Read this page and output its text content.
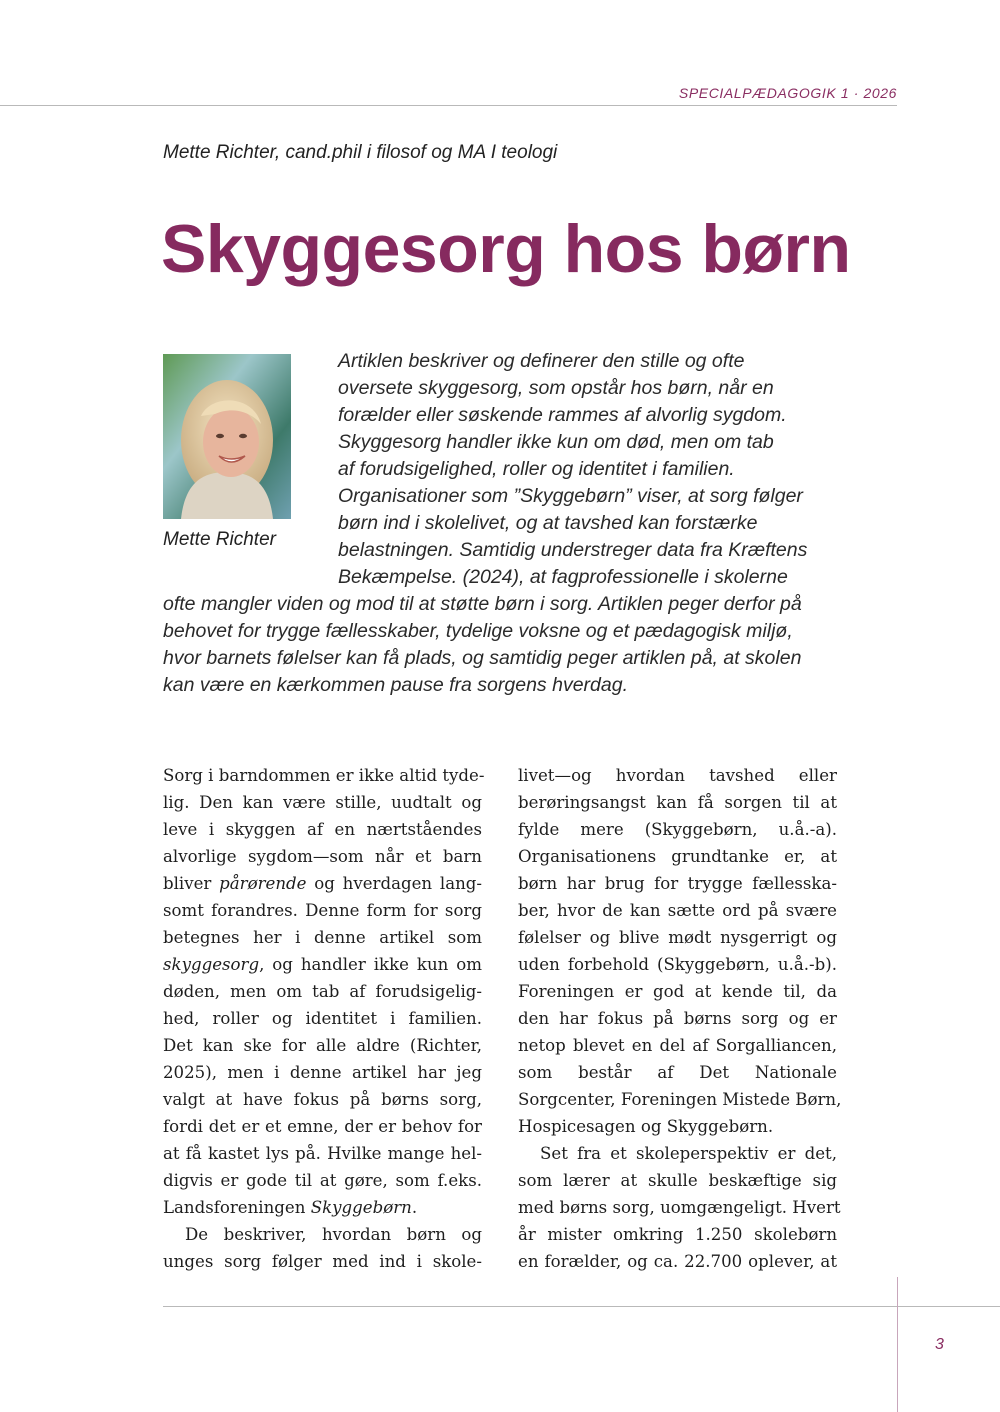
SPECIALPÆDAGOGIK 1 · 2026
Mette Richter, cand.phil i filosof og MA I teologi
Skyggesorg hos børn
Mette Richter
Artiklen beskriver og definerer den stille og ofte
oversete skyggesorg, som opstår hos børn, når en
forælder eller søskende rammes af alvorlig sygdom.
Skyggesorg handler ikke kun om død, men om tab
af forudsigelighed, roller og identitet i familien.
Organisationer som ”Skyggebørn” viser, at sorg følger
børn ind i skolelivet, og at tavshed kan forstærke
belastningen. Samtidig understreger data fra Kræftens
Bekæmpelse. (2024), at fagprofessionelle i skolerne
ofte mangler viden og mod til at støtte børn i sorg. Artiklen peger derfor på
behovet for trygge fællesskaber, tydelige voksne og et pædagogisk miljø,
hvor barnets følelser kan få plads, og samtidig peger artiklen på, at skolen
kan være en kærkommen pause fra sorgens hverdag.
Sorg i barndommen er ikke altid tyde-
lig. Den kan være stille, uudtalt og
leve i skyggen af en nærtståendes
alvorlige sygdom—som når et barn
bliver pårørende og hverdagen lang-
somt forandres. Denne form for sorg
betegnes her i denne artikel som
skyggesorg, og handler ikke kun om
døden, men om tab af forudsigelig-
hed, roller og identitet i familien.
Det kan ske for alle aldre (Richter,
2025), men i denne artikel har jeg
valgt at have fokus på børns sorg,
fordi det er et emne, der er behov for
at få kastet lys på. Hvilke mange hel-
digvis er gode til at gøre, som f.eks.
Landsforeningen Skyggebørn.
De beskriver, hvordan børn og
unges sorg følger med ind i skole-
livet—og hvordan tavshed eller
berøringsangst kan få sorgen til at
fylde mere (Skyggebørn, u.å.-a).
Organisationens grundtanke er, at
børn har brug for trygge fællesska-
ber, hvor de kan sætte ord på svære
følelser og blive mødt nysgerrigt og
uden forbehold (Skyggebørn, u.å.-b).
Foreningen er god at kende til, da
den har fokus på børns sorg og er
netop blevet en del af Sorgalliancen,
som består af Det Nationale
Sorgcenter, Foreningen Mistede Børn,
Hospicesagen og Skyggebørn.
Set fra et skoleperspektiv er det,
som lærer at skulle beskæftige sig
med børns sorg, uomgængeligt. Hvert
år mister omkring 1.250 skolebørn
en forælder, og ca. 22.700 oplever, at
3
